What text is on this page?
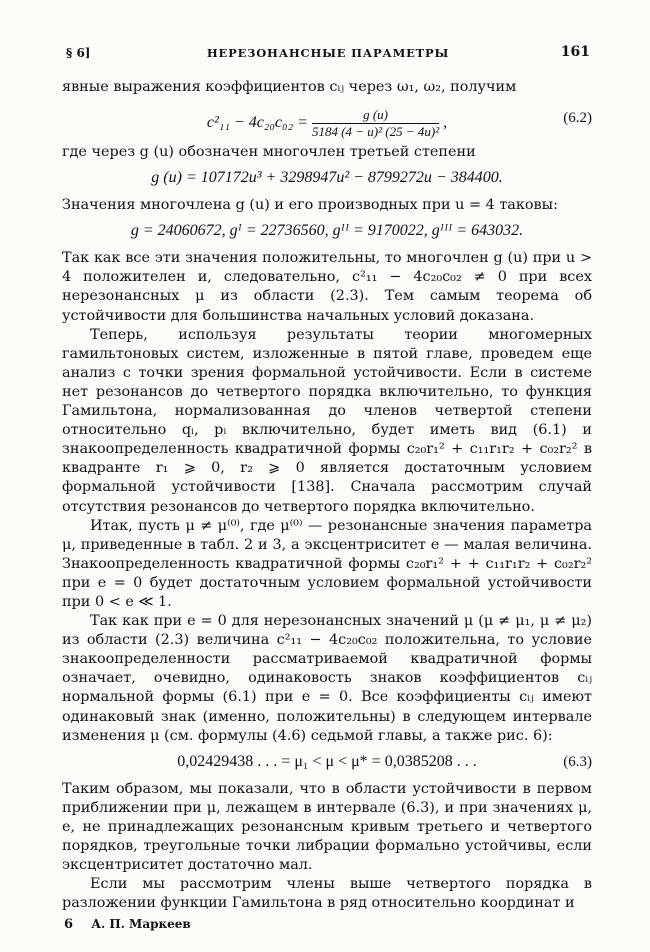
§ 6]	НЕРЕЗОНАНСНЫЕ ПАРАМЕТРЫ	161

явные выражения коэффициентов cᵢⱼ через ω₁, ω₂, получим

$c^2_{11} - 4c_{20}c_{02} = \frac{g (u)}{\text{5184 (4 − u)² (25 − 4u)²}}$ ,	(6.2)

где через g (u) обозначен многочлен третьей степени

g (u) = 107172u³ + 3298947u² − 8799272u − 384400.

Значения многочлена g (u) и его производных при u = 4 таковы:

g = 24060672, gᴵ = 22736560, gᴵᴵ = 9170022, gᴵᴵᴵ = 643032.

Так как все эти значения положительны, то многочлен g (u) при u > 4 положителен и, следовательно, c²₁₁ − 4c₂₀c₀₂ ≠ 0 при всех нерезонансных μ из области (2.3). Тем самым теорема об устойчивости для большинства начальных условий доказана.

Теперь, используя результаты теории многомерных гамильтоновых систем, изложенные в пятой главе, проведем еще анализ с точки зрения формальной устойчивости. Если в системе нет резонансов до четвертого порядка включительно, то функция Гамильтона, нормализованная до членов четвертой степени относительно qᵢ, pᵢ включительно, будет иметь вид (6.1) и знакоопределенность квадратичной формы c₂₀r₁² + c₁₁r₁r₂ + c₀₂r₂² в квадранте r₁ ⩾ 0, r₂ ⩾ 0 является достаточным условием формальной устойчивости [138]. Сначала рассмотрим случай отсутствия резонансов до четвертого порядка включительно.

Итак, пусть μ ≠ μ⁽⁰⁾, где μ⁽⁰⁾ — резонансные значения параметра μ, приведенные в табл. 2 и 3, а эксцентриситет e — малая величина. Знакоопределенность квадратичной формы c₂₀r₁² + + c₁₁r₁r₂ + c₀₂r₂² при e = 0 будет достаточным условием формальной устойчивости при 0 < e ≪ 1.

Так как при e = 0 для нерезонансных значений μ (μ ≠ μ₁, μ ≠ μ₂) из области (2.3) величина c²₁₁ − 4c₂₀c₀₂ положительна, то условие знакоопределенности рассматриваемой квадратичной формы означает, очевидно, одинаковость знаков коэффициентов cᵢⱼ нормальной формы (6.1) при e = 0. Все коэффициенты cᵢⱼ имеют одинаковый знак (именно, положительны) в следующем интервале изменения μ (см. формулы (4.6) седьмой главы, а также рис. 6):

0,02429438 . . . = μ₁ < μ < μ* = 0,0385208 . . .	(6.3)

Таким образом, мы показали, что в области устойчивости в первом приближении при μ, лежащем в интервале (6.3), и при значениях μ, e, не принадлежащих резонансным кривым третьего и четвертого порядков, треугольные точки либрации формально устойчивы, если эксцентриситет достаточно мал.

Если мы рассмотрим члены выше четвертого порядка в разложении функции Гамильтона в ряд относительно координат и

6 А. П. Маркеев
